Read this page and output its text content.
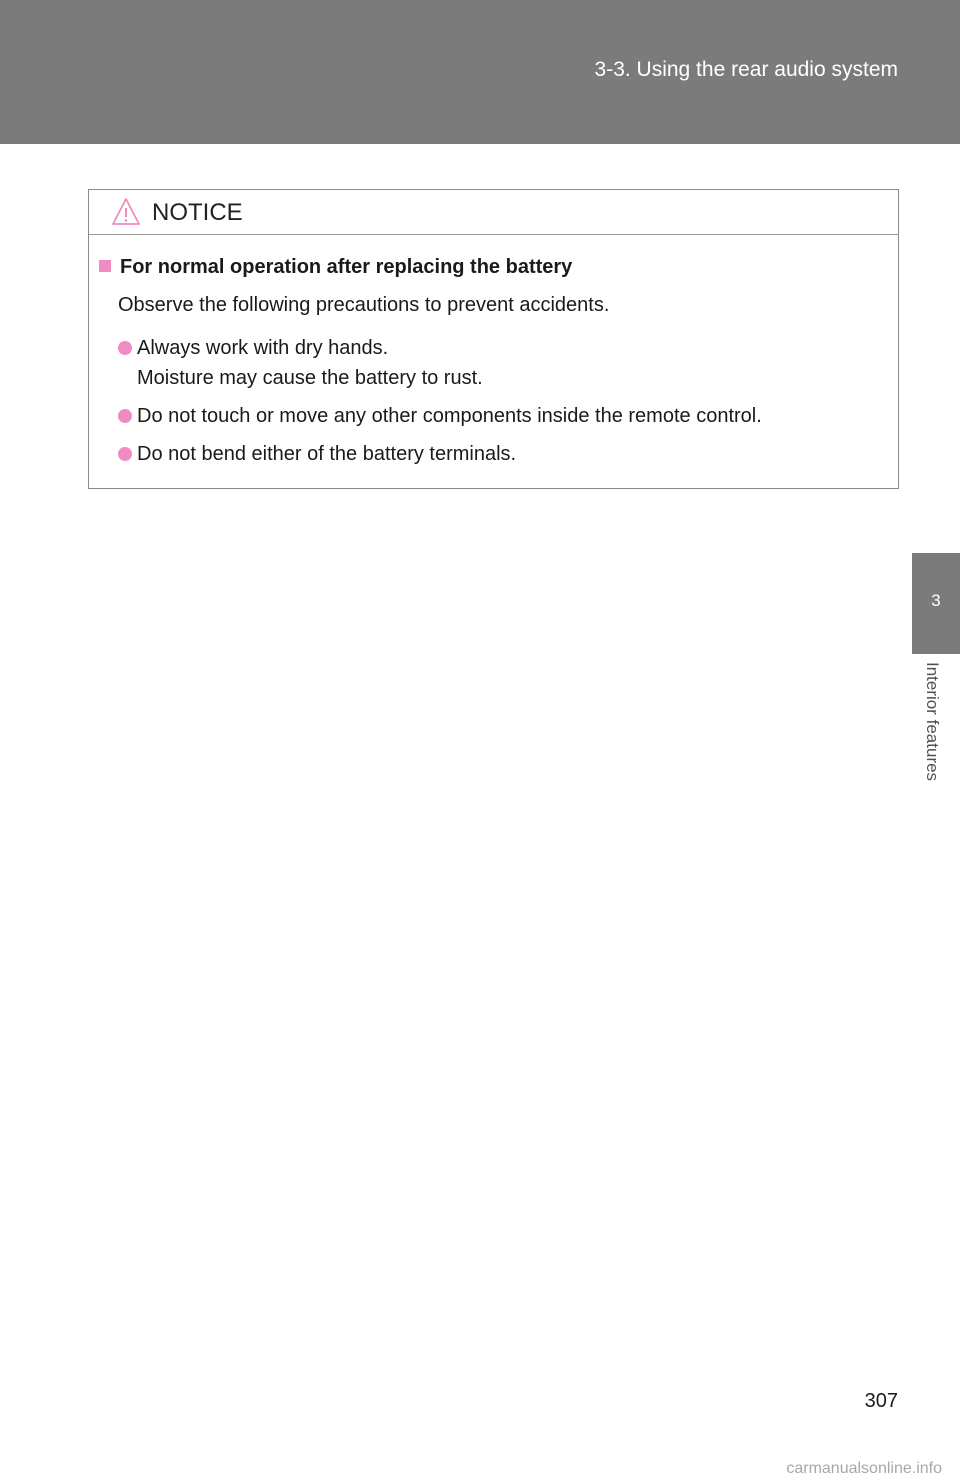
3-3. Using the rear audio system
3
Interior features
NOTICE
For normal operation after replacing the battery
Observe the following precautions to prevent accidents.
Always work with dry hands.
Moisture may cause the battery to rust.
Do not touch or move any other components inside the remote control.
Do not bend either of the battery terminals.
307
carmanualsonline.info
